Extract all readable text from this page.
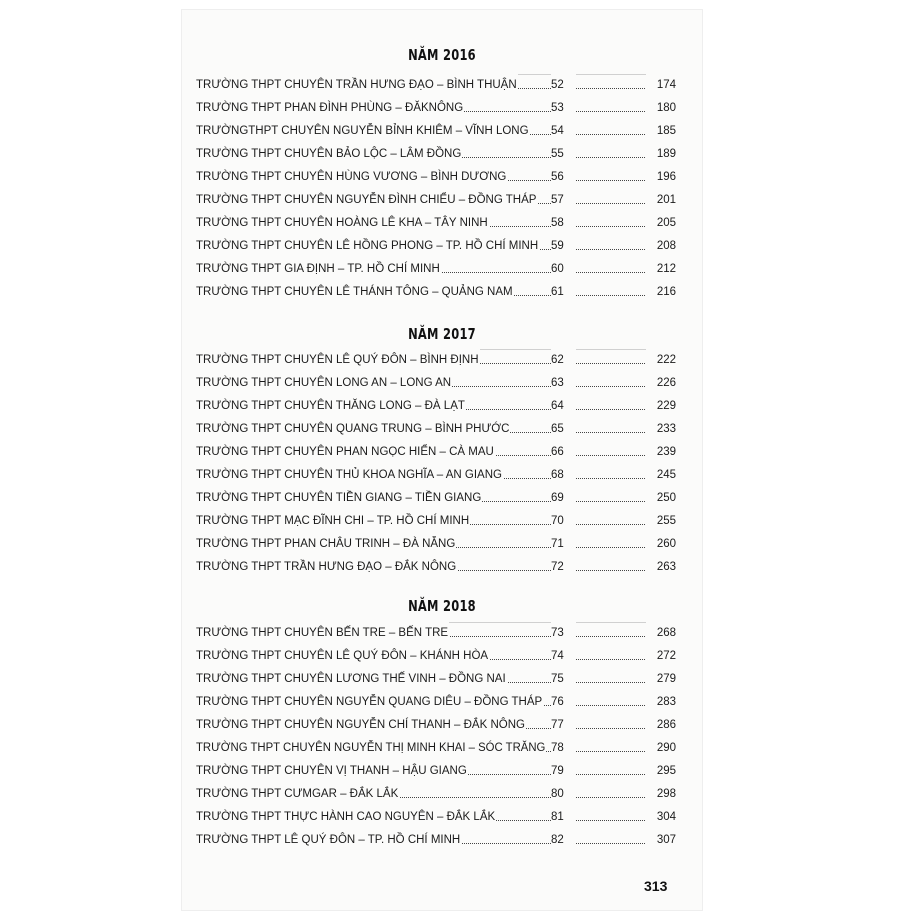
NĂM 2016
TRƯỜNG THPT CHUYÊN TRẦN HƯNG ĐẠO – BÌNH THUẬN	52	174
TRƯỜNG THPT PHAN ĐÌNH PHÙNG – ĐĂKNÔNG	53	180
TRƯỜNGTHPT CHUYÊN NGUYỄN BỈNH KHIÊM – VĨNH LONG 54	185
TRƯỜNG THPT CHUYÊN BẢO LỘC – LÂM ĐỒNG	55	189
TRƯỜNG THPT CHUYÊN HÙNG VƯƠNG – BÌNH DƯƠNG	56	196
TRƯỜNG THPT CHUYÊN NGUYỄN ĐÌNH CHIỂU – ĐỒNG THÁP 57	201
TRƯỜNG THPT CHUYÊN HOÀNG LÊ KHA – TÂY NINH	58	205
TRƯỜNG THPT CHUYÊN LÊ HỒNG PHONG – TP. HỒ CHÍ MINH 59	208
TRƯỜNG THPT GIA ĐỊNH – TP. HỒ CHÍ MINH	60	212
TRƯỜNG THPT CHUYÊN LÊ THÁNH TÔNG – QUẢNG NAM	61	216
NĂM 2017
TRƯỜNG THPT CHUYÊN LÊ QUÝ ĐÔN – BÌNH ĐỊNH	62	222
TRƯỜNG THPT CHUYÊN LONG AN – LONG AN	63	226
TRƯỜNG THPT CHUYÊN THĂNG LONG – ĐÀ LẠT	64	229
TRƯỜNG THPT CHUYÊN QUANG TRUNG – BÌNH PHƯỚC	65	233
TRƯỜNG THPT CHUYÊN PHAN NGỌC HIỂN – CÀ MAU	66	239
TRƯỜNG THPT CHUYÊN THỦ KHOA NGHĨA – AN GIANG	68	245
TRƯỜNG THPT CHUYÊN TIỀN GIANG – TIỀN GIANG	69	250
TRƯỜNG THPT MẠC ĐĨNH CHI – TP. HỒ CHÍ MINH	70	255
TRƯỜNG THPT PHAN CHÂU TRINH – ĐÀ NẴNG	71	260
TRƯỜNG THPT TRẦN HƯNG ĐẠO – ĐẮK NÔNG	72	263
NĂM 2018
TRƯỜNG THPT CHUYÊN BẾN TRE – BẾN TRE	73	268
TRƯỜNG THPT CHUYÊN LÊ QUÝ ĐÔN – KHÁNH HÒA	74	272
TRƯỜNG THPT CHUYÊN LƯƠNG THẾ VINH – ĐỒNG NAI	75	279
TRƯỜNG THPT CHUYÊN NGUYỄN QUANG DIÊU – ĐỒNG THÁP 76	283
TRƯỜNG THPT CHUYÊN NGUYỄN CHÍ THANH – ĐẮK NÔNG 77	286
TRƯỜNG THPT CHUYÊN NGUYỄN THỊ MINH KHAI – SÓC TRĂNG 78	290
TRƯỜNG THPT CHUYÊN VỊ THANH – HẬU GIANG	79	295
TRƯỜNG THPT CƯMGAR – ĐẮK LẮK	80	298
TRƯỜNG THPT THỰC HÀNH CAO NGUYÊN – ĐẮK LẮK	81	304
TRƯỜNG THPT LÊ QUÝ ĐÔN – TP. HỒ CHÍ MINH	82	307
313
